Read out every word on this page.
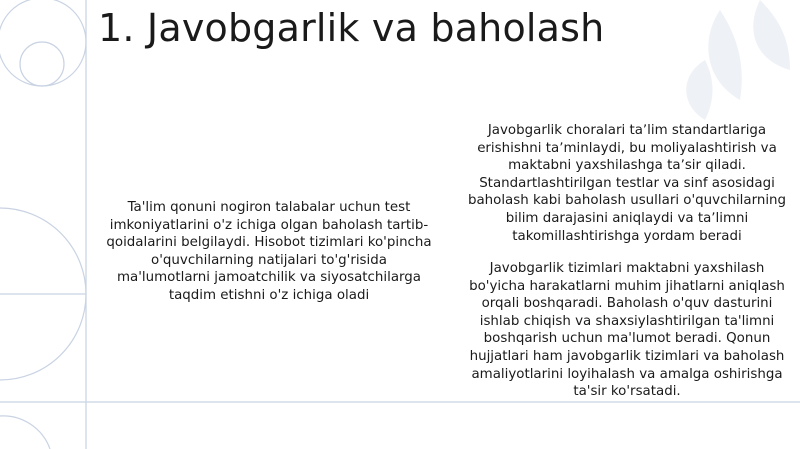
1. Javobgarlik va baholash

Ta'lim qonuni nogiron talabalar uchun test imkoniyatlarini o'z ichiga olgan baholash tartib-qoidalarini belgilaydi. Hisobot tizimlari ko'pincha o'quvchilarning natijalari to'g'risida ma'lumotlarni jamoatchilik va siyosatchilarga taqdim etishni o'z ichiga oladi

Javobgarlik choralari taʼlim standartlariga erishishni taʼminlaydi, bu moliyalashtirish va maktabni yaxshilashga taʼsir qiladi. Standartlashtirilgan testlar va sinf asosidagi baholash kabi baholash usullari o'quvchilarning bilim darajasini aniqlaydi va taʼlimni takomillashtirishga yordam beradi

Javobgarlik tizimlari maktabni yaxshilash bo'yicha harakatlarni muhim jihatlarni aniqlash orqali boshqaradi. Baholash o'quv dasturini ishlab chiqish va shaxsiylashtirilgan ta'limni boshqarish uchun ma'lumot beradi. Qonun hujjatlari ham javobgarlik tizimlari va baholash amaliyotlarini loyihalash va amalga oshirishga ta'sir ko'rsatadi.
